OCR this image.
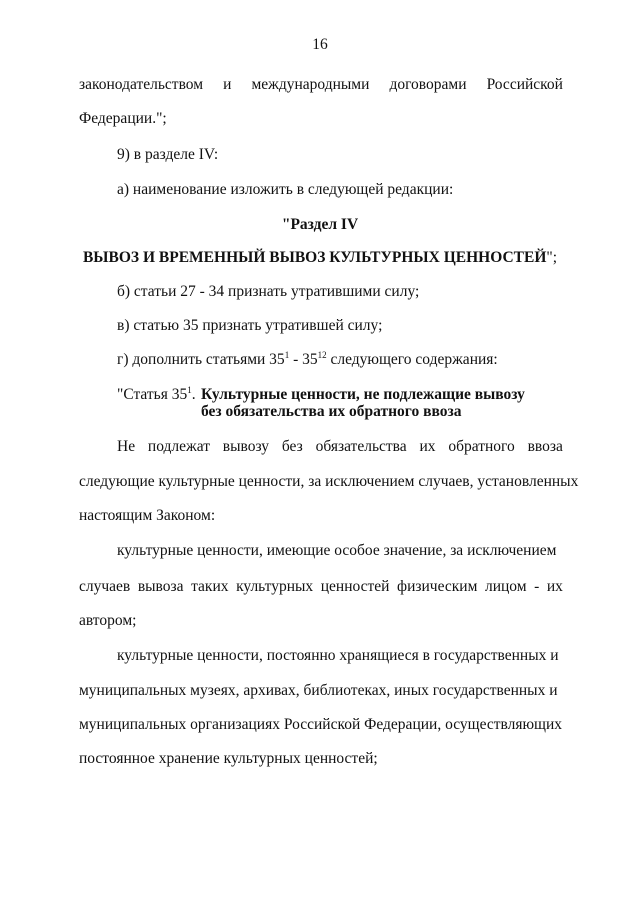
16
законодательством и международными договорами Российской
Федерации.";
9) в разделе IV:
а) наименование изложить в следующей редакции:
"Раздел IV
ВЫВОЗ И ВРЕМЕННЫЙ ВЫВОЗ КУЛЬТУРНЫХ ЦЕННОСТЕЙ";
б) статьи 27 - 34 признать утратившими силу;
в) статью 35 признать утратившей силу;
г) дополнить статьями $35^1 - 35^{12}$ следующего содержания:
"Статья $35^1$. Культурные ценности, не подлежащие вывозу
без обязательства их обратного ввоза
Не подлежат вывозу без обязательства их обратного ввоза
следующие культурные ценности, за исключением случаев, установленных
настоящим Законом:
культурные ценности, имеющие особое значение, за исключением
случаев вывоза таких культурных ценностей физическим лицом - их
автором;
культурные ценности, постоянно хранящиеся в государственных и
муниципальных музеях, архивах, библиотеках, иных государственных и
муниципальных организациях Российской Федерации, осуществляющих
постоянное хранение культурных ценностей;
